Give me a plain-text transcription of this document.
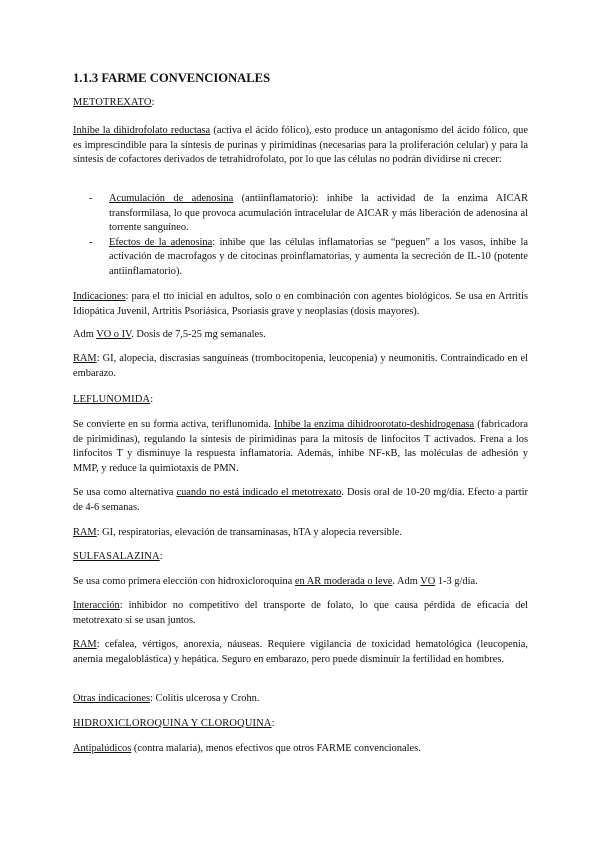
1.1.3 FARME CONVENCIONALES

METOTREXATO:

Inhibe la dihidrofolato reductasa (activa el ácido fólico), esto produce un antagonismo del ácido fólico, que es imprescindible para la síntesis de purinas y pirimidinas (necesarias para la proliferación celular) y para la síntesis de cofactores derivados de tetrahidrofolato, por lo que las células no podrán dividirse ni crecer:

- Acumulación de adenosina (antiinflamatorio): inhibe la actividad de la enzima AICAR transformilasa, lo que provoca acumulación intracelular de AICAR y más liberación de adenosina al torrente sanguíneo.
- Efectos de la adenosina: inhibe que las células inflamatorias se “peguen” a los vasos, inhibe la activación de macrofagos y de citocinas proinflamatorias, y aumenta la secreción de IL-10 (potente antiinflamatorio).

Indicaciones: para el tto inicial en adultos, solo o en combinación con agentes biológicos. Se usa en Artritis Idiopática Juvenil, Artritis Psoriásica, Psoriasis grave y neoplasias (dosis mayores).

Adm VO o IV. Dosis de 7,5-25 mg semanales.

RAM: GI, alopecia, discrasias sanguíneas (trombocitopenia, leucopenia) y neumonitis. Contraindicado en el embarazo.

LEFLUNOMIDA:

Se convierte en su forma activa, teriflunomida. Inhibe la enzima dihidroorotato-deshidrogenasa (fabricadora de pirimidinas), regulando la síntesis de pirimidinas para la mitosis de linfocitos T activados. Frena a los linfocitos T y disminuye la respuesta inflamatoria. Además, inhibe NF-κB, las moléculas de adhesión y MMP, y reduce la quimiotaxis de PMN.

Se usa como alternativa cuando no está indicado el metotrexato. Dosis oral de 10-20 mg/día. Efecto a partir de 4-6 semanas.

RAM: GI, respiratorias, elevación de transaminasas, hTA y alopecia reversible.

SULFASALAZINA:

Se usa como primera elección con hidroxicloroquina en AR moderada o leve. Adm VO 1-3 g/día.

Interacción: inhibidor no competitivo del transporte de folato, lo que causa pérdida de eficacia del metotrexato si se usan juntos.

RAM: cefalea, vértigos, anorexia, náuseas. Requiere vigilancia de toxicidad hematológica (leucopenia, anemia megaloblástica) y hepática. Seguro en embarazo, pero puede disminuir la fertilidad en hombres.

Otras indicaciones: Colitis ulcerosa y Crohn.

HIDROXICLOROQUINA Y CLOROQUINA:

Antipalúdicos (contra malaria), menos efectivos que otros FARME convencionales.
